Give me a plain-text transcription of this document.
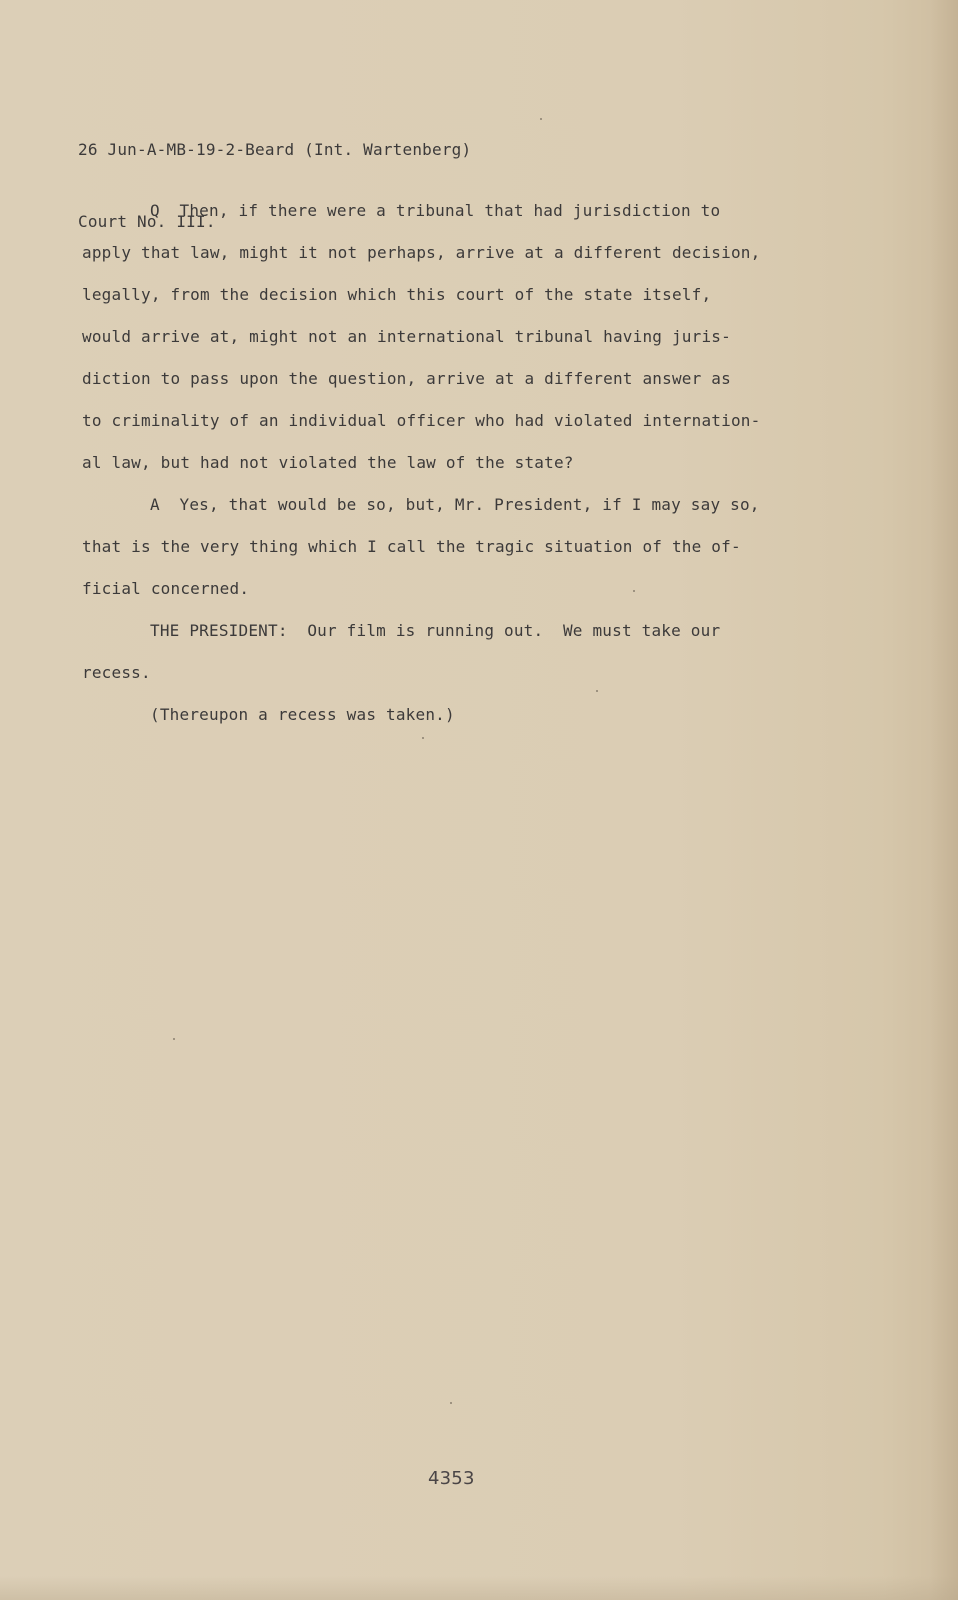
26 Jun-A-MB-19-2-Beard (Int. Wartenberg)

Court No. III.

Q  Then, if there were a tribunal that had jurisdiction to
apply that law, might it not perhaps, arrive at a different decision,
legally, from the decision which this court of the state itself,
would arrive at, might not an international tribunal having juris-
diction to pass upon the question, arrive at a different answer as
to criminality of an individual officer who had violated internation-
al law, but had not violated the law of the state?
A  Yes, that would be so, but, Mr. President, if I may say so,
that is the very thing which I call the tragic situation of the of-
ficial concerned.
THE PRESIDENT:  Our film is running out.  We must take our
recess.
(Thereupon a recess was taken.)
4353
